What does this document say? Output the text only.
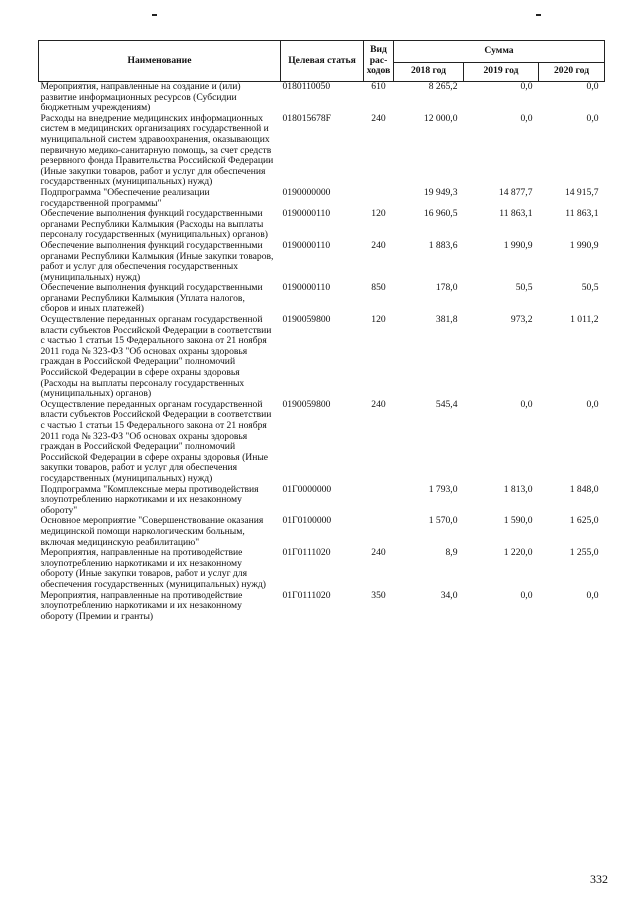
Наименование	Целевая статья	Вид рас-ходов	Сумма		
			2018 год	2019 год	2020 год
Мероприятия, направленные на создание и (или) развитие информационных ресурсов (Субсидии бюджетным учреждениям)	0180110050	610	8 265,2	0,0	0,0
Расходы на внедрение медицинских информационных систем в медицинских организациях государственной и муниципальной систем здравоохранения, оказывающих первичную медико-санитарную помощь, за счет средств резервного фонда Правительства Российской Федерации (Иные закупки товаров, работ и услуг для обеспечения государственных (муниципальных) нужд)	018015678F	240	12 000,0	0,0	0,0
Подпрограмма "Обеспечение реализации государственной программы"	0190000000		19 949,3	14 877,7	14 915,7
Обеспечение выполнения функций государственными органами Республики Калмыкия (Расходы на выплаты персоналу государственных (муниципальных) органов)	0190000110	120	16 960,5	11 863,1	11 863,1
Обеспечение выполнения функций государственными органами Республики Калмыкия (Иные закупки товаров, работ и услуг для обеспечения государственных (муниципальных) нужд)	0190000110	240	1 883,6	1 990,9	1 990,9
Обеспечение выполнения функций государственными органами Республики Калмыкия (Уплата налогов, сборов и иных платежей)	0190000110	850	178,0	50,5	50,5
Осуществление переданных органам государственной власти субъектов Российской Федерации в соответствии с частью 1 статьи 15 Федерального закона от 21 ноября 2011 года № 323-ФЗ "Об основах охраны здоровья граждан в Российской Федерации" полномочий Российской Федерации в сфере охраны здоровья (Расходы на выплаты персоналу государственных (муниципальных) органов)	0190059800	120	381,8	973,2	1 011,2
Осуществление переданных органам государственной власти субъектов Российской Федерации в соответствии с частью 1 статьи 15 Федерального закона от 21 ноября 2011 года № 323-ФЗ "Об основах охраны здоровья граждан в Российской Федерации" полномочий Российской Федерации в сфере охраны здоровья (Иные закупки товаров, работ и услуг для обеспечения государственных (муниципальных) нужд)	0190059800	240	545,4	0,0	0,0
Подпрограмма "Комплексные меры противодействия злоупотреблению наркотиками и их незаконному обороту"	01Г0000000		1 793,0	1 813,0	1 848,0
Основное мероприятие "Совершенствование оказания медицинской помощи наркологическим больным, включая медицинскую реабилитацию"	01Г0100000		1 570,0	1 590,0	1 625,0
Мероприятия, направленные на противодействие злоупотреблению наркотиками и их незаконному обороту (Иные закупки товаров, работ и услуг для обеспечения государственных (муниципальных) нужд)	01Г0111020	240	8,9	1 220,0	1 255,0
Мероприятия, направленные на противодействие злоупотреблению наркотиками и их незаконному обороту (Премии и гранты)	01Г0111020	350	34,0	0,0	0,0
332
